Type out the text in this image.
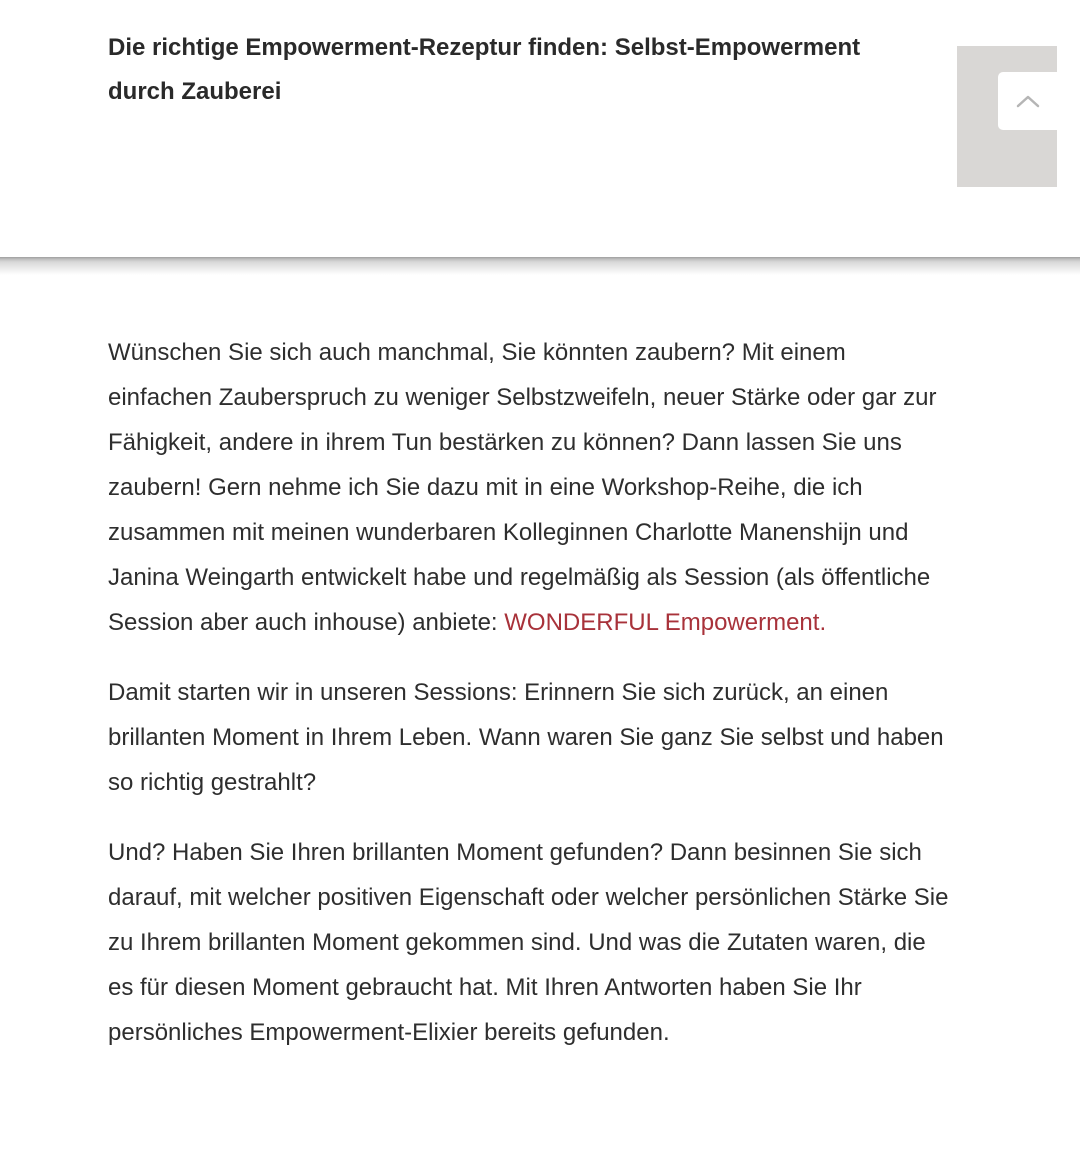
Die richtige Empowerment-Rezeptur finden: Selbst-Empowerment durch Zauberei

Wünschen Sie sich auch manchmal, Sie könnten zaubern? Mit einem einfachen Zauberspruch zu weniger Selbstzweifeln, neuer Stärke oder gar zur Fähigkeit, andere in ihrem Tun bestärken zu können? Dann lassen Sie uns zaubern! Gern nehme ich Sie dazu mit in eine Workshop-Reihe, die ich zusammen mit meinen wunderbaren Kolleginnen Charlotte Manenshijn und Janina Weingarth entwickelt habe und regelmäßig als Session (als öffentliche Session aber auch inhouse) anbiete: WONDERFUL Empowerment.

Damit starten wir in unseren Sessions: Erinnern Sie sich zurück, an einen brillanten Moment in Ihrem Leben. Wann waren Sie ganz Sie selbst und haben so richtig gestrahlt?

Und? Haben Sie Ihren brillanten Moment gefunden? Dann besinnen Sie sich darauf, mit welcher positiven Eigenschaft oder welcher persönlichen Stärke Sie zu Ihrem brillanten Moment gekommen sind. Und was die Zutaten waren, die es für diesen Moment gebraucht hat. Mit Ihren Antworten haben Sie Ihr persönliches Empowerment-Elixier bereits gefunden.
